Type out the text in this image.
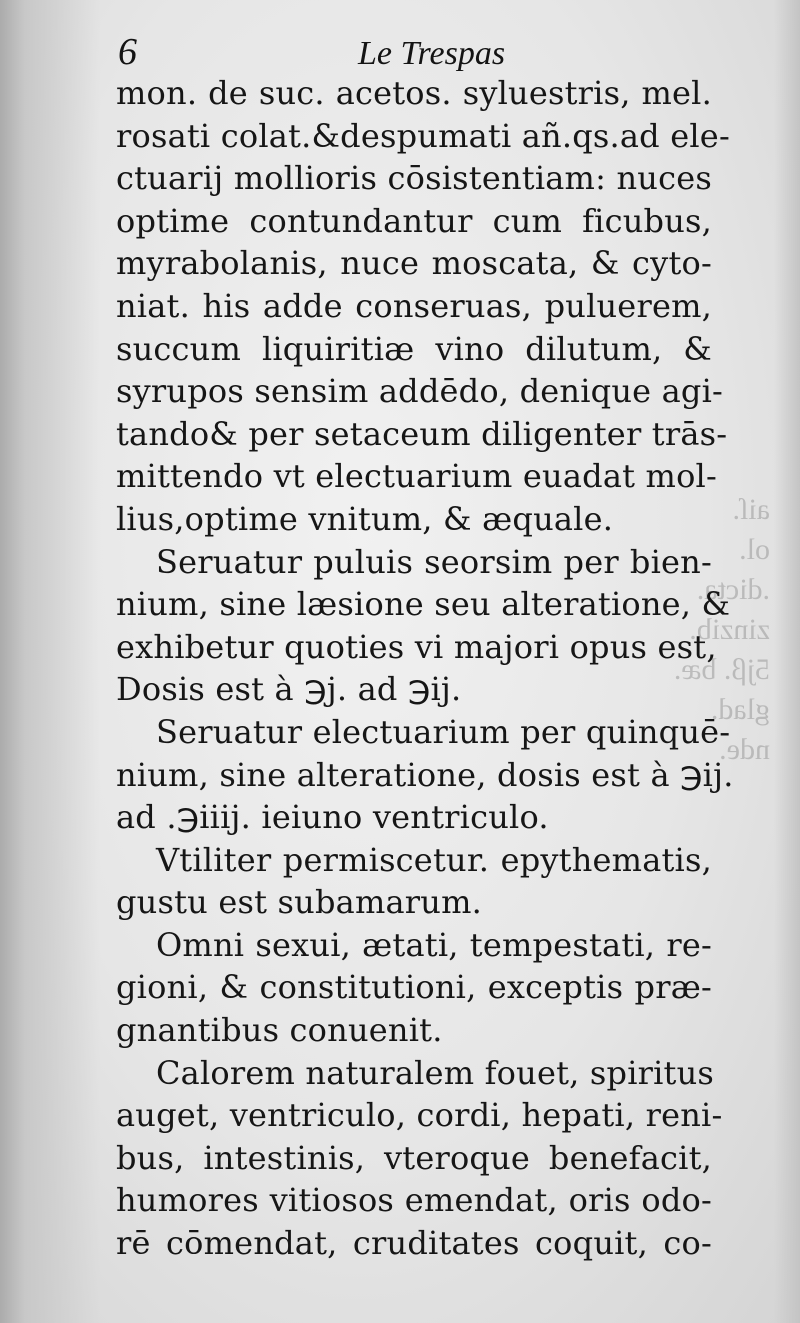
aiſ.
ol.
.dicta.
zinzib.
5jβ. bæ.
glad.
nde.
6	Le Trespas
mon. de suc. acetos. syluestris, mel.
rosati colat.&despumati añ.qs.ad ele-
ctuarij mollioris cōsistentiam: nuces
optime contundantur cum ficubus,
myrabolanis, nuce moscata, & cyto-
niat. his adde conseruas, puluerem,
succum liquiritiæ vino dilutum, &
syrupos sensim addēdo, denique agi-
tando& per setaceum diligenter trās-
mittendo vt electuarium euadat mol-
lius,optime vnitum, & æquale.
Seruatur puluis seorsim per bien-
nium, sine læsione seu alteratione, &
exhibetur quoties vi majori opus est,
Dosis est à ℈j. ad ℈ij.
Seruatur electuarium per quinquē-
nium, sine alteratione, dosis est à ℈ij.
ad .℈iiij. ieiuno ventriculo.
Vtiliter permiscetur. epythematis,
gustu est subamarum.
Omni sexui, ætati, tempestati, re-
gioni, & constitutioni, exceptis præ-
gnantibus conuenit.
Calorem naturalem fouet, spiritus
auget, ventriculo, cordi, hepati, reni-
bus, intestinis, vteroque benefacit,
humores vitiosos emendat, oris odo-
rē cōmendat, cruditates coquit, co-
